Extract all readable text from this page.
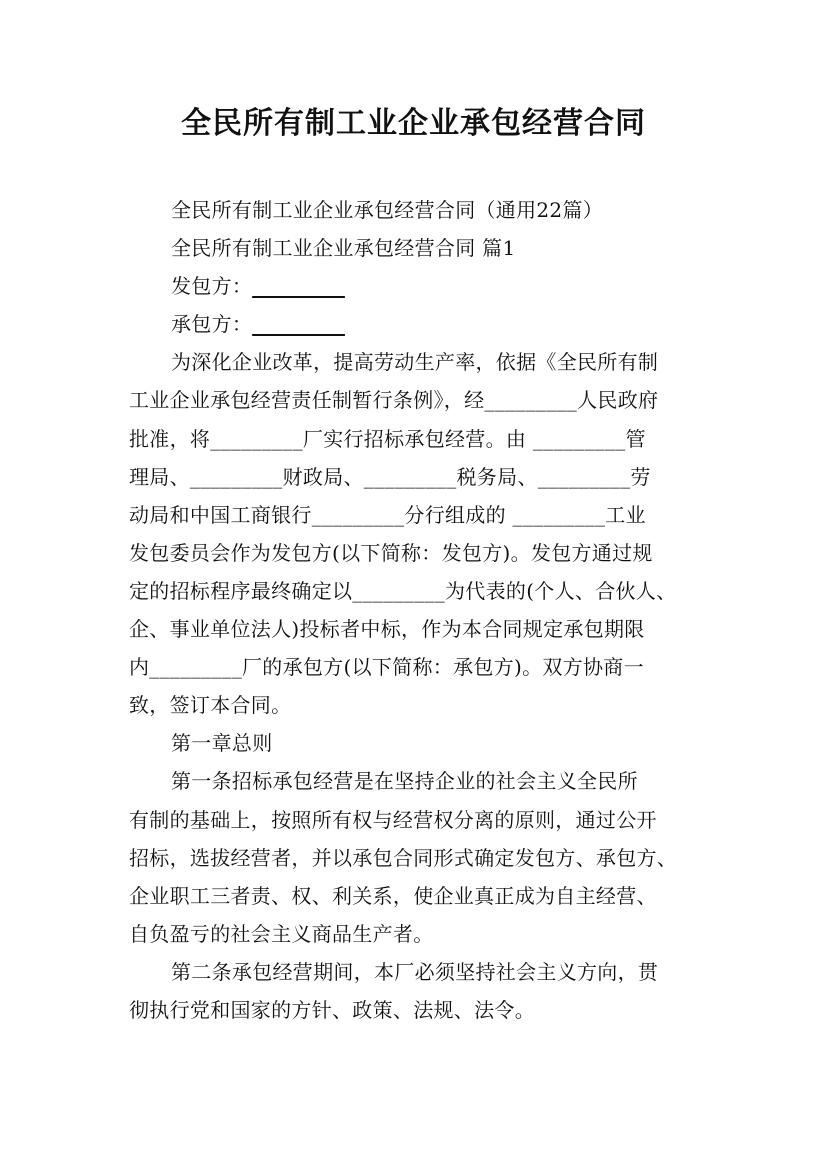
全民所有制工业企业承包经营合同
全民所有制工业企业承包经营合同（通用22篇）
全民所有制工业企业承包经营合同 篇1
发包方：_________
承包方：_________
为深化企业改革，提高劳动生产率，依据《全民所有制
工业企业承包经营责任制暂行条例》，经_________人民政府
批准，将_________厂实行招标承包经营。由 _________管
理局、_________财政局、_________税务局、_________劳
动局和中国工商银行_________分行组成的 _________工业
发包委员会作为发包方(以下简称：发包方)。发包方通过规
定的招标程序最终确定以_________为代表的(个人、合伙人、
企、事业单位法人)投标者中标，作为本合同规定承包期限
内_________厂的承包方(以下简称：承包方)。双方协商一
致，签订本合同。
第一章总则
第一条招标承包经营是在坚持企业的社会主义全民所
有制的基础上，按照所有权与经营权分离的原则，通过公开
招标，选拔经营者，并以承包合同形式确定发包方、承包方、
企业职工三者责、权、利关系，使企业真正成为自主经营、
自负盈亏的社会主义商品生产者。
第二条承包经营期间，本厂必须坚持社会主义方向，贯
彻执行党和国家的方针、政策、法规、法令。
